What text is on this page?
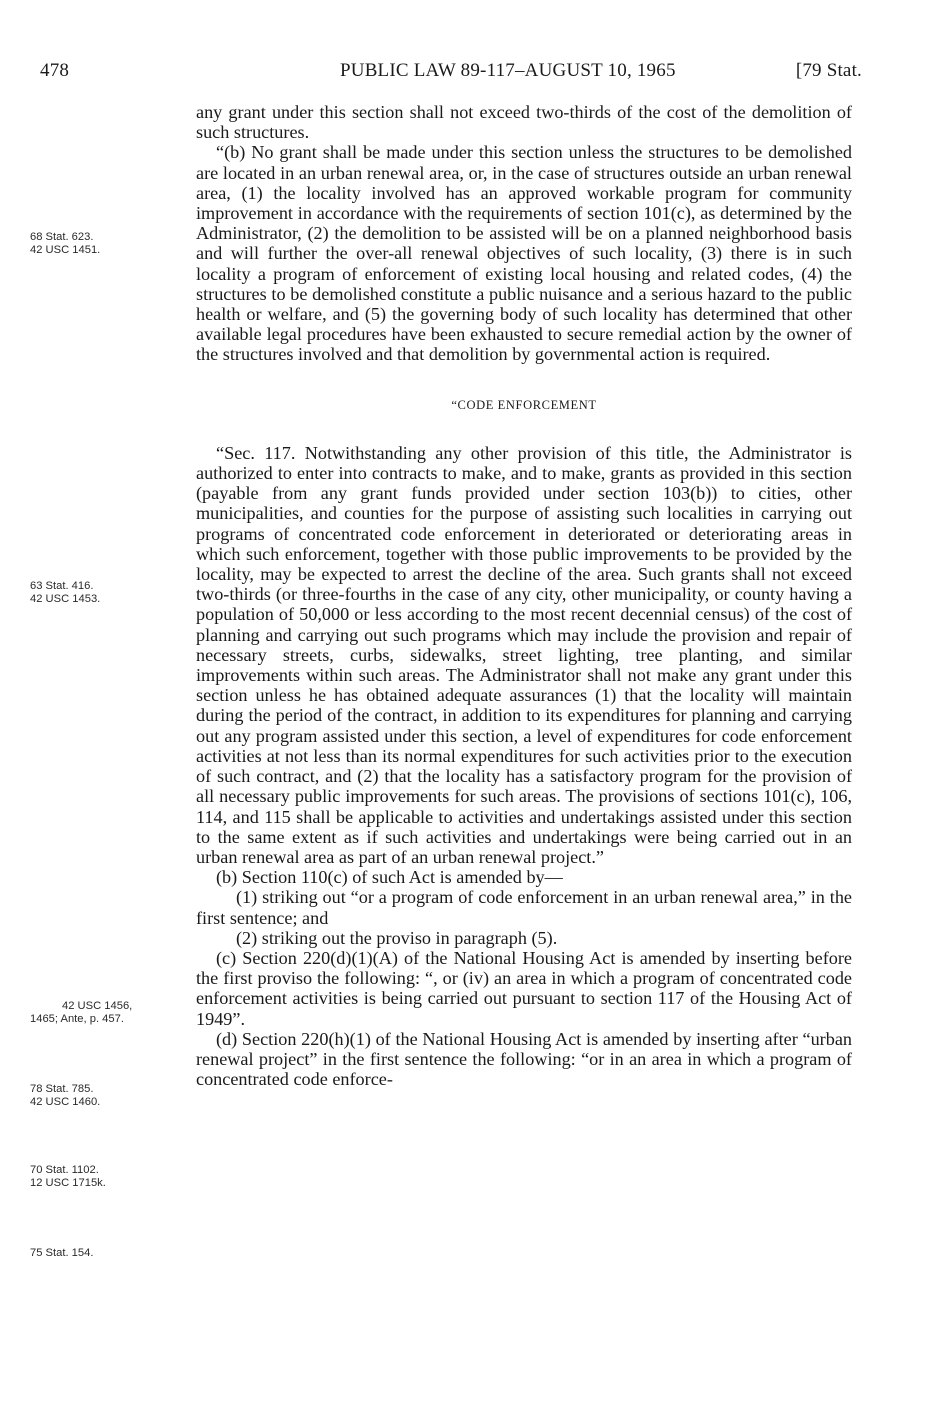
478	PUBLIC LAW 89-117–AUGUST 10, 1965	[79 Stat.
68 Stat. 623.
42 USC 1451.
63 Stat. 416.
42 USC 1453.
42 USC 1456,
1465; Ante, p. 457.
78 Stat. 785.
42 USC 1460.
70 Stat. 1102.
12 USC 1715k.
75 Stat. 154.

any grant under this section shall not exceed two-thirds of the cost of the demolition of such structures.

“(b) No grant shall be made under this section unless the structures to be demolished are located in an urban renewal area, or, in the case of structures outside an urban renewal area, (1) the locality involved has an approved workable program for community improvement in accordance with the requirements of section 101(c), as determined by the Administrator, (2) the demolition to be assisted will be on a planned neighborhood basis and will further the over-all renewal objectives of such locality, (3) there is in such locality a program of enforcement of existing local housing and related codes, (4) the structures to be demolished constitute a public nuisance and a serious hazard to the public health or welfare, and (5) the governing body of such locality has determined that other available legal procedures have been exhausted to secure remedial action by the owner of the structures involved and that demolition by governmental action is required.

“CODE ENFORCEMENT

“Sec. 117. Notwithstanding any other provision of this title, the Administrator is authorized to enter into contracts to make, and to make, grants as provided in this section (payable from any grant funds provided under section 103(b)) to cities, other municipalities, and counties for the purpose of assisting such localities in carrying out programs of concentrated code enforcement in deteriorated or deteriorating areas in which such enforcement, together with those public improvements to be provided by the locality, may be expected to arrest the decline of the area. Such grants shall not exceed two-thirds (or three-fourths in the case of any city, other municipality, or county having a population of 50,000 or less according to the most recent decennial census) of the cost of planning and carrying out such programs which may include the provision and repair of necessary streets, curbs, sidewalks, street lighting, tree planting, and similar improvements within such areas. The Administrator shall not make any grant under this section unless he has obtained adequate assurances (1) that the locality will maintain during the period of the contract, in addition to its expenditures for planning and carrying out any program assisted under this section, a level of expenditures for code enforcement activities at not less than its normal expenditures for such activities prior to the execution of such contract, and (2) that the locality has a satisfactory program for the provision of all necessary public improvements for such areas. The provisions of sections 101(c), 106, 114, and 115 shall be applicable to activities and undertakings assisted under this section to the same extent as if such activities and undertakings were being carried out in an urban renewal area as part of an urban renewal project.”

(b) Section 110(c) of such Act is amended by—

(1) striking out “or a program of code enforcement in an urban renewal area,” in the first sentence; and

(2) striking out the proviso in paragraph (5).

(c) Section 220(d)(1)(A) of the National Housing Act is amended by inserting before the first proviso the following: “, or (iv) an area in which a program of concentrated code enforcement activities is being carried out pursuant to section 117 of the Housing Act of 1949”.

(d) Section 220(h)(1) of the National Housing Act is amended by inserting after “urban renewal project” in the first sentence the following: “or in an area in which a program of concentrated code enforce-
